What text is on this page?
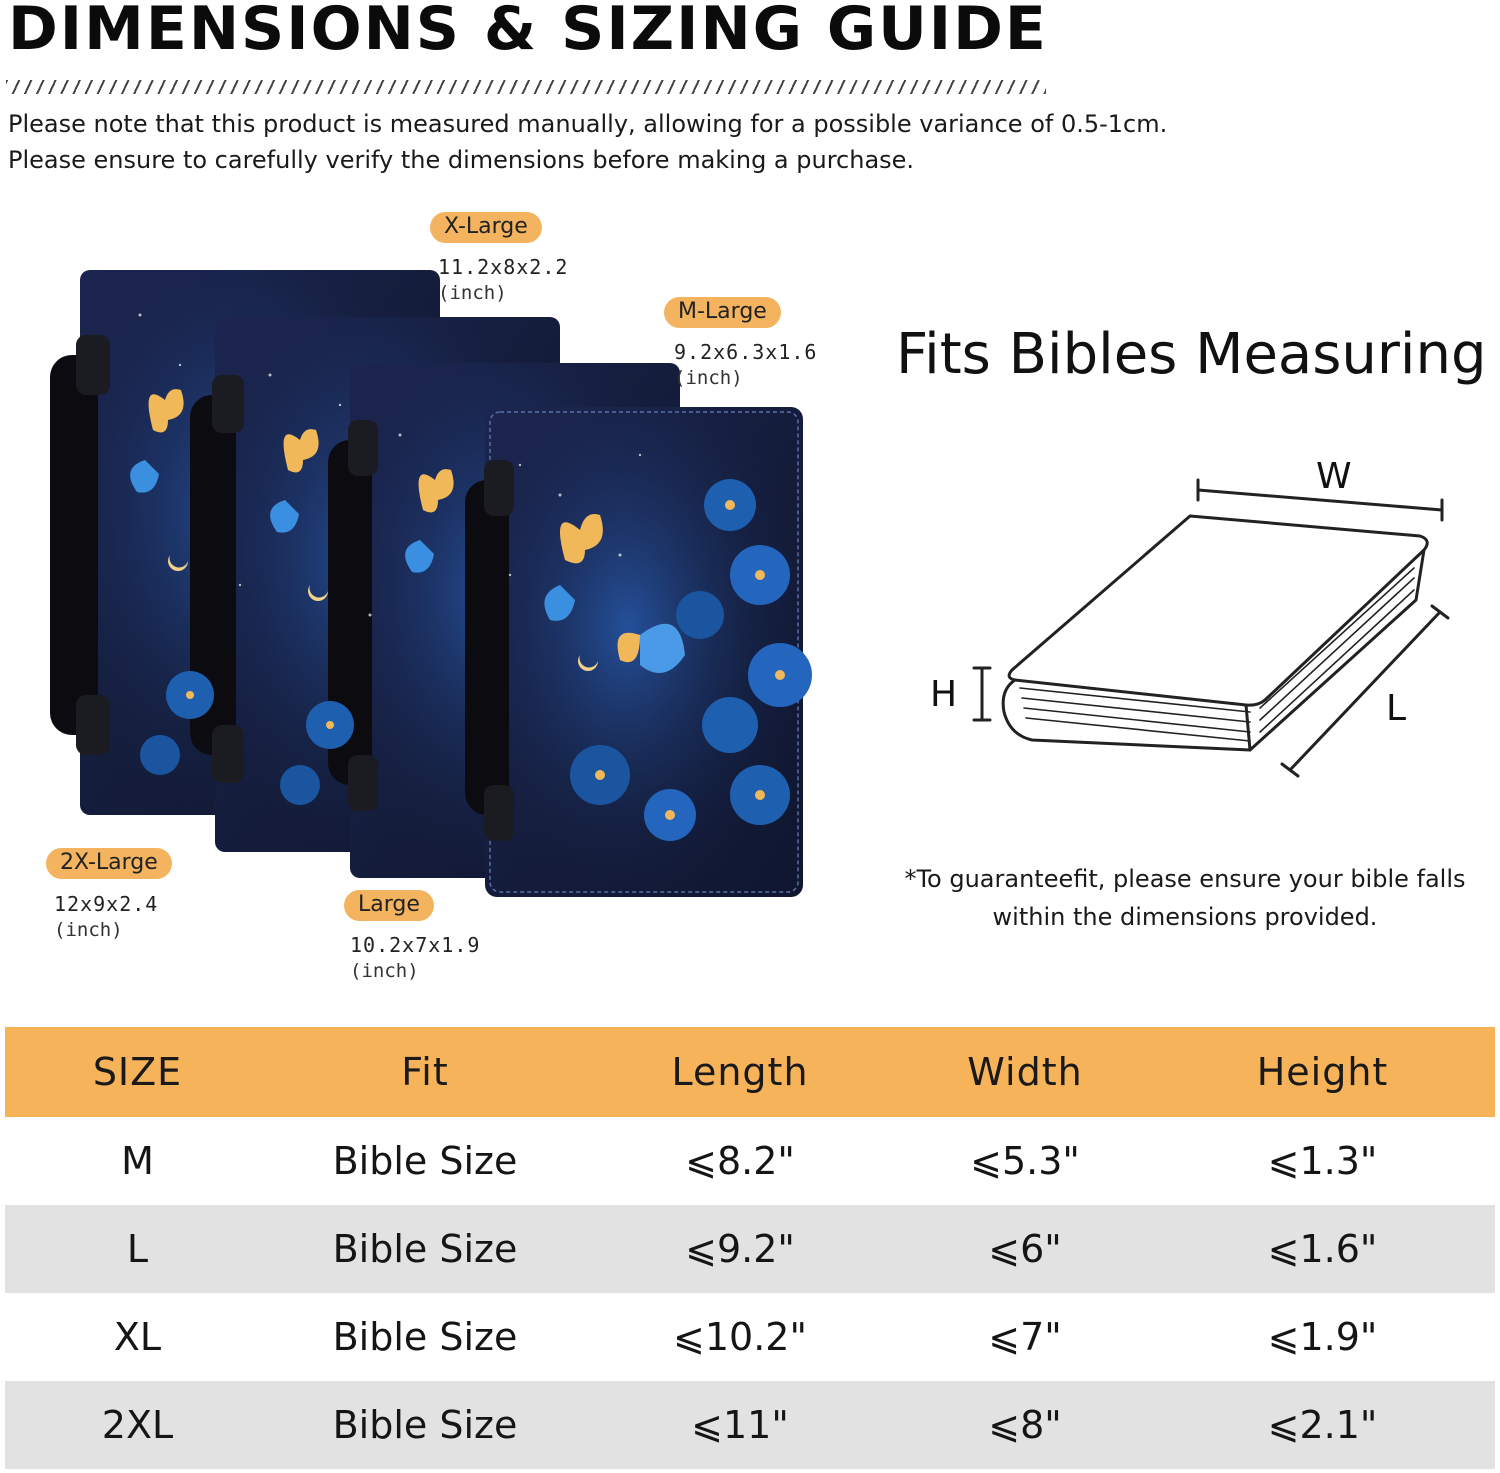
DIMENSIONS & SIZING GUIDE
Please note that this product is measured manually, allowing for a possible variance of 0.5-1cm.
Please ensure to carefully verify the dimensions before making a purchase.
X-Large
11.2x8x2.2
(inch)
M-Large
9.2x6.3x1.6
(inch)
2X-Large
12x9x2.4
(inch)
Large
10.2x7x1.9
(inch)
Fits Bibles Measuring
W
H	L
*To guaranteefit, please ensure your bible falls
within the dimensions provided.
SIZE	Fit	Length	Width	Height
M	Bible Size	⩽8.2"	⩽5.3"	⩽1.3"
L	Bible Size	⩽9.2"	⩽6"	⩽1.6"
XL	Bible Size	⩽10.2"	⩽7"	⩽1.9"
2XL	Bible Size	⩽11"	⩽8"	⩽2.1"
